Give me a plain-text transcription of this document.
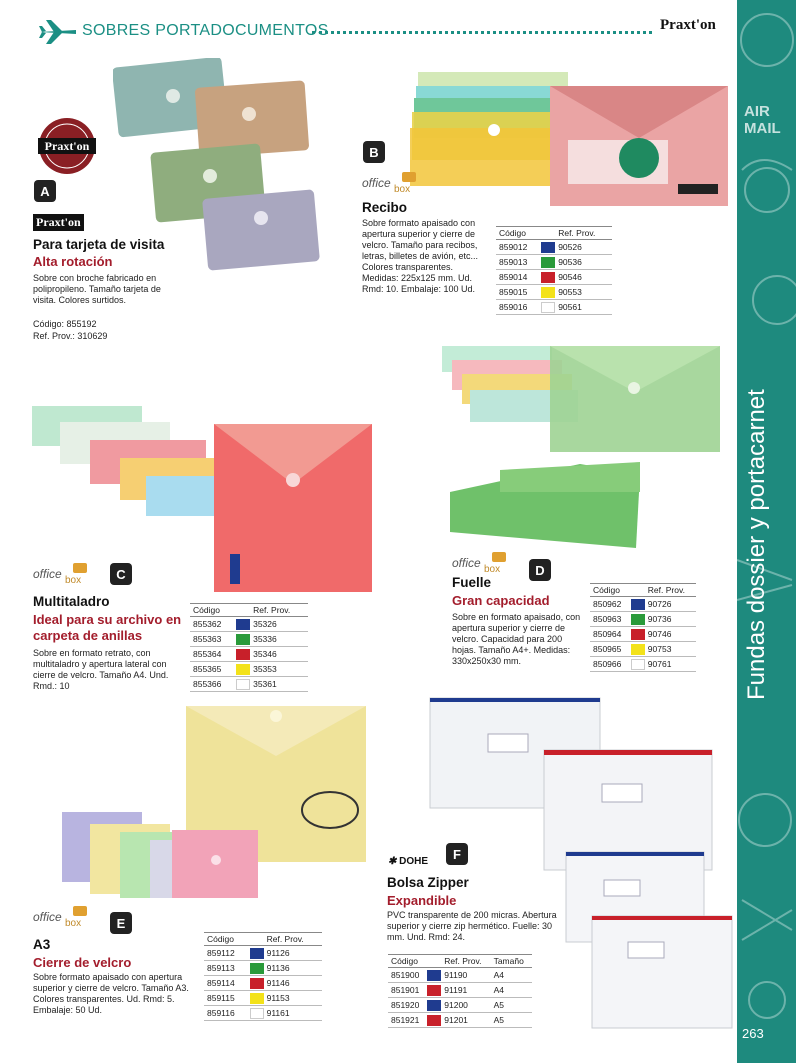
SOBRES PORTADOCUMENTOS	Praxt'on
AIR MAIL
Fundas dossier y portacarnet
263
Praxt'on
A
Praxt'on
Para tarjeta de visita
Alta rotación
Sobre con broche fabricado en polipropileno. Tamaño tarjeta de visita. Colores surtidos.
Código: 855192
Ref. Prov.: 310629
B
office box
Recibo
Sobre formato apaisado con apertura superior y cierre de velcro. Tamaño para recibos, letras, billetes de avión, etc... Colores transparentes. Medidas: 225x125 mm. Ud. Rmd: 10. Embalaje: 100 Ud.
Código		Ref. Prov.
859012		90526
859013		90536
859014		90546
859015		90553
859016		90561
office box	C
Multitaladro
Ideal para su archivo en carpeta de anillas
Sobre en formato retrato, con multitaladro y apertura lateral con cierre de velcro. Tamaño A4. Und. Rmd.: 10
Código		Ref. Prov.
855362		35326
855363		35336
855364		35346
855365		35353
855366		35361
office box	D
Fuelle
Gran capacidad
Sobre en formato apaisado, con apertura superior y cierre de velcro. Capacidad para 200 hojas. Tamaño A4+. Medidas: 330x250x30 mm.
Código		Ref. Prov.
850962		90726
850963		90736
850964		90746
850965		90753
850966		90761
office box	E
A3
Cierre de velcro
Sobre formato apaisado con apertura superior y cierre de velcro. Tamaño A3. Colores transparentes. Ud. Rmd: 5. Embalaje: 50 Ud.
Código		Ref. Prov.
859112		91126
859113		91136
859114		91146
859115		91153
859116		91161
✱ DOHE	F
Bolsa Zipper
Expandible
PVC transparente de 200 micras. Abertura superior y cierre zip hermético. Fuelle: 30 mm. Und. Rmd: 24.
Código		Ref. Prov.	Tamaño
851900		91190	A4
851901		91191	A4
851920		91200	A5
851921		91201	A5
